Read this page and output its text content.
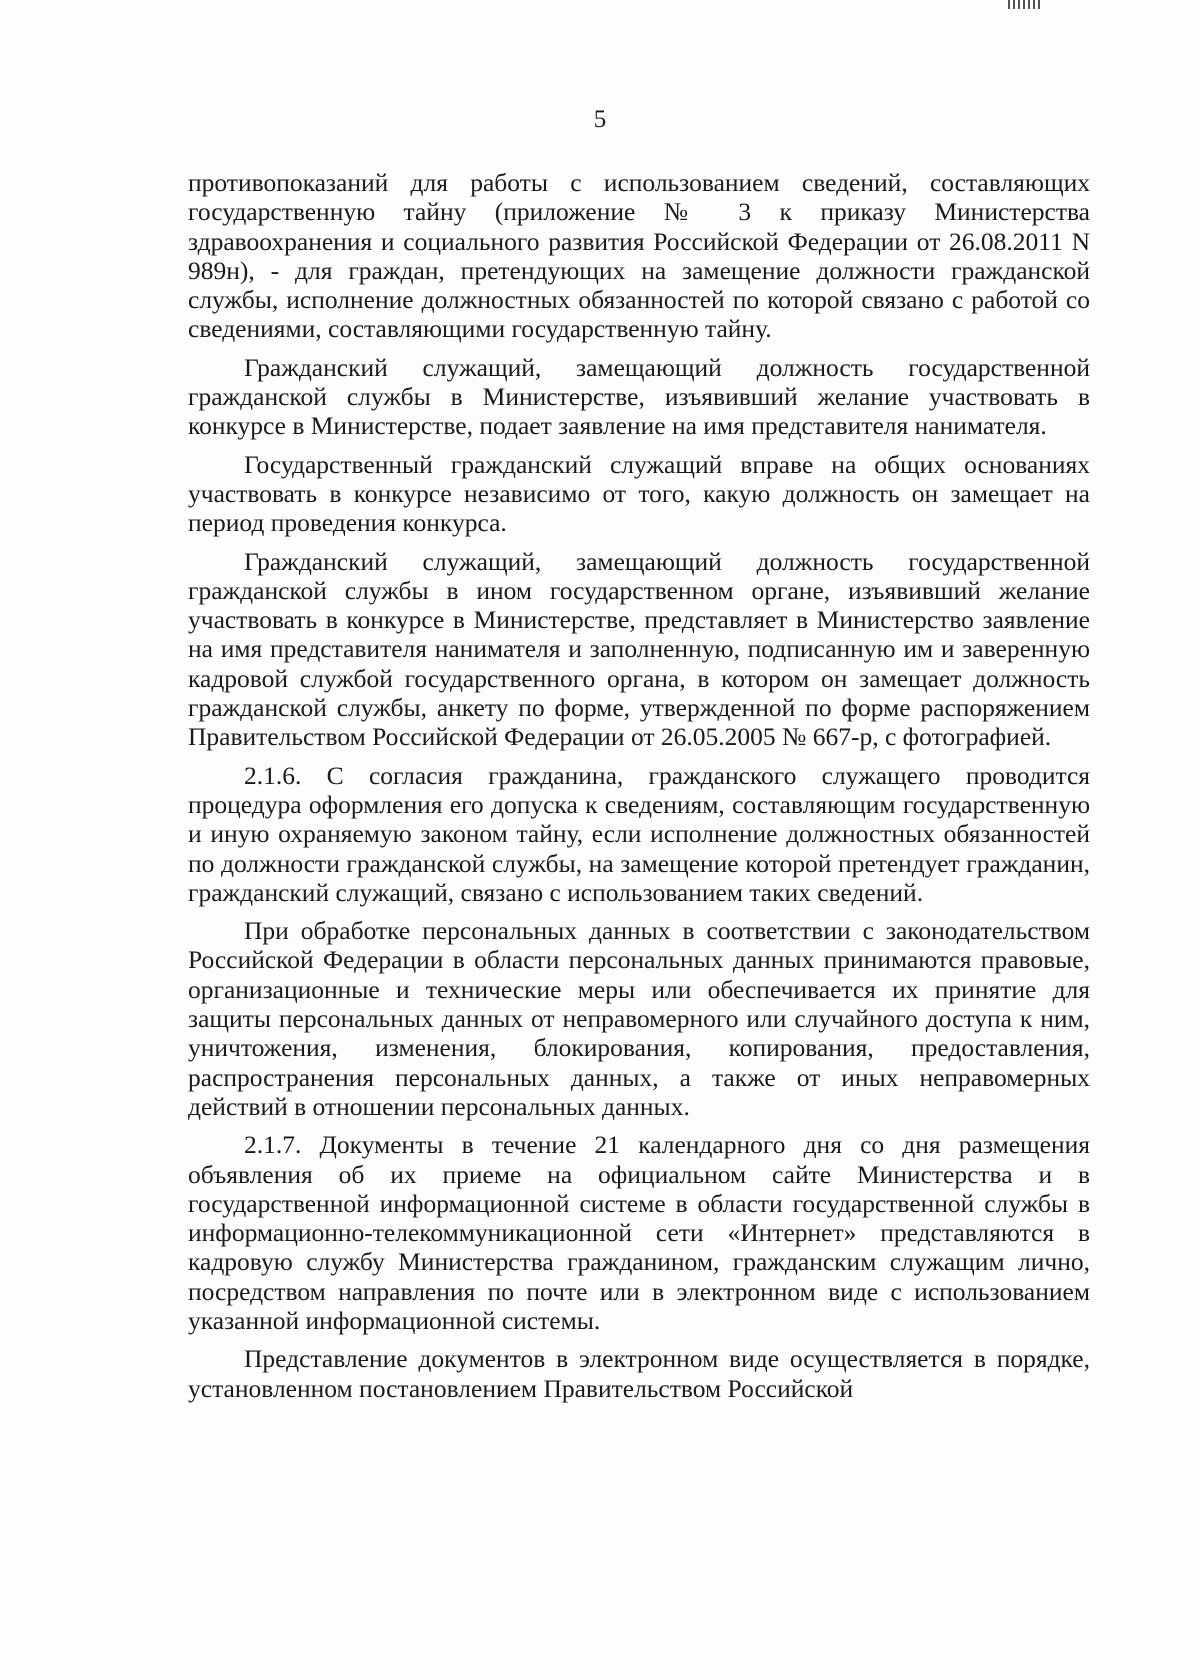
5

противопоказаний для работы с использованием сведений, составляющих государственную тайну (приложение № 3 к приказу Министерства здравоохранения и социального развития Российской Федерации от 26.08.2011 N 989н), - для граждан, претендующих на замещение должности гражданской службы, исполнение должностных обязанностей по которой связано с работой со сведениями, составляющими государственную тайну.

Гражданский служащий, замещающий должность государственной гражданской службы в Министерстве, изъявивший желание участвовать в конкурсе в Министерстве, подает заявление на имя представителя нанимателя.

Государственный гражданский служащий вправе на общих основаниях участвовать в конкурсе независимо от того, какую должность он замещает на период проведения конкурса.

Гражданский служащий, замещающий должность государственной гражданской службы в ином государственном органе, изъявивший желание участвовать в конкурсе в Министерстве, представляет в Министерство заявление на имя представителя нанимателя и заполненную, подписанную им и заверенную кадровой службой государственного органа, в котором он замещает должность гражданской службы, анкету по форме, утвержденной по форме распоряжением Правительством Российской Федерации от 26.05.2005 № 667-р, с фотографией.

2.1.6. С согласия гражданина, гражданского служащего проводится процедура оформления его допуска к сведениям, составляющим государственную и иную охраняемую законом тайну, если исполнение должностных обязанностей по должности гражданской службы, на замещение которой претендует гражданин, гражданский служащий, связано с использованием таких сведений.

При обработке персональных данных в соответствии с законодательством Российской Федерации в области персональных данных принимаются правовые, организационные и технические меры или обеспечивается их принятие для защиты персональных данных от неправомерного или случайного доступа к ним, уничтожения, изменения, блокирования, копирования, предоставления, распространения персональных данных, а также от иных неправомерных действий в отношении персональных данных.

2.1.7. Документы в течение 21 календарного дня со дня размещения объявления об их приеме на официальном сайте Министерства и в государственной информационной системе в области государственной службы в информационно-телекоммуникационной сети «Интернет» представляются в кадровую службу Министерства гражданином, гражданским служащим лично, посредством направления по почте или в электронном виде с использованием указанной информационной системы.

Представление документов в электронном виде осуществляется в порядке, установленном постановлением Правительством Российской
